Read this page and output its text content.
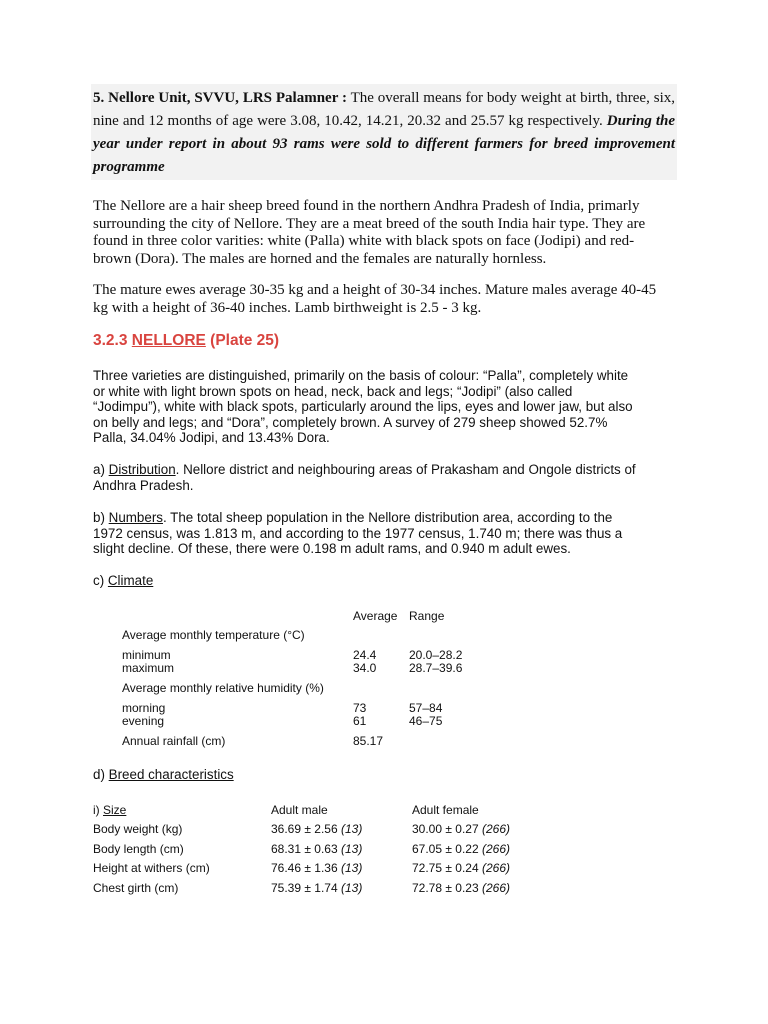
5. Nellore Unit, SVVU, LRS Palamner : The overall means for body weight at birth, three, six, nine and 12 months of age were 3.08, 10.42, 14.21, 20.32 and 25.57 kg respectively. During the year under report in about 93 rams were sold to different farmers for breed improvement programme

The Nellore are a hair sheep breed found in the northern Andhra Pradesh of India, primarly
surrounding the city of Nellore. They are a meat breed of the south India hair type. They are
found in three color varities: white (Palla) white with black spots on face (Jodipi) and red-
brown (Dora). The males are horned and the females are naturally hornless.
The mature ewes average 30-35 kg and a height of 30-34 inches. Mature males average 40-45
kg with a height of 36-40 inches. Lamb birthweight is 2.5 - 3 kg.

3.2.3 NELLORE (Plate 25)

Three varieties are distinguished, primarily on the basis of colour: “Palla”, completely white
or white with light brown spots on head, neck, back and legs; “Jodipi” (also called
“Jodimpu”), white with black spots, particularly around the lips, eyes and lower jaw, but also
on belly and legs; and “Dora”, completely brown. A survey of 279 sheep showed 52.7%
Palla, 34.04% Jodipi, and 13.43% Dora.
a) Distribution. Nellore district and neighbouring areas of Prakasham and Ongole districts of
Andhra Pradesh.
b) Numbers. The total sheep population in the Nellore distribution area, according to the
1972 census, was 1.813 m, and according to the 1977 census, 1.740 m; there was thus a
slight decline. Of these, there were 0.198 m adult rams, and 0.940 m adult ewes.
c) Climate

Average Range

Average monthly temperature (°C)

minimum	24.4	20.0–28.2

maximum	34.0	28.7–39.6

Average monthly relative humidity (%)

morning	73	57–84

evening	61	46–75

Annual rainfall (cm)	85.17

d) Breed characteristics

i) Size	Adult male	Adult female

Body weight (kg)	36.69 ± 2.56 (13)	30.00 ± 0.27 (266)

Body length (cm)	68.31 ± 0.63 (13)	67.05 ± 0.22 (266)

Height at withers (cm)	76.46 ± 1.36 (13)	72.75 ± 0.24 (266)

Chest girth (cm)	75.39 ± 1.74 (13)	72.78 ± 0.23 (266)
